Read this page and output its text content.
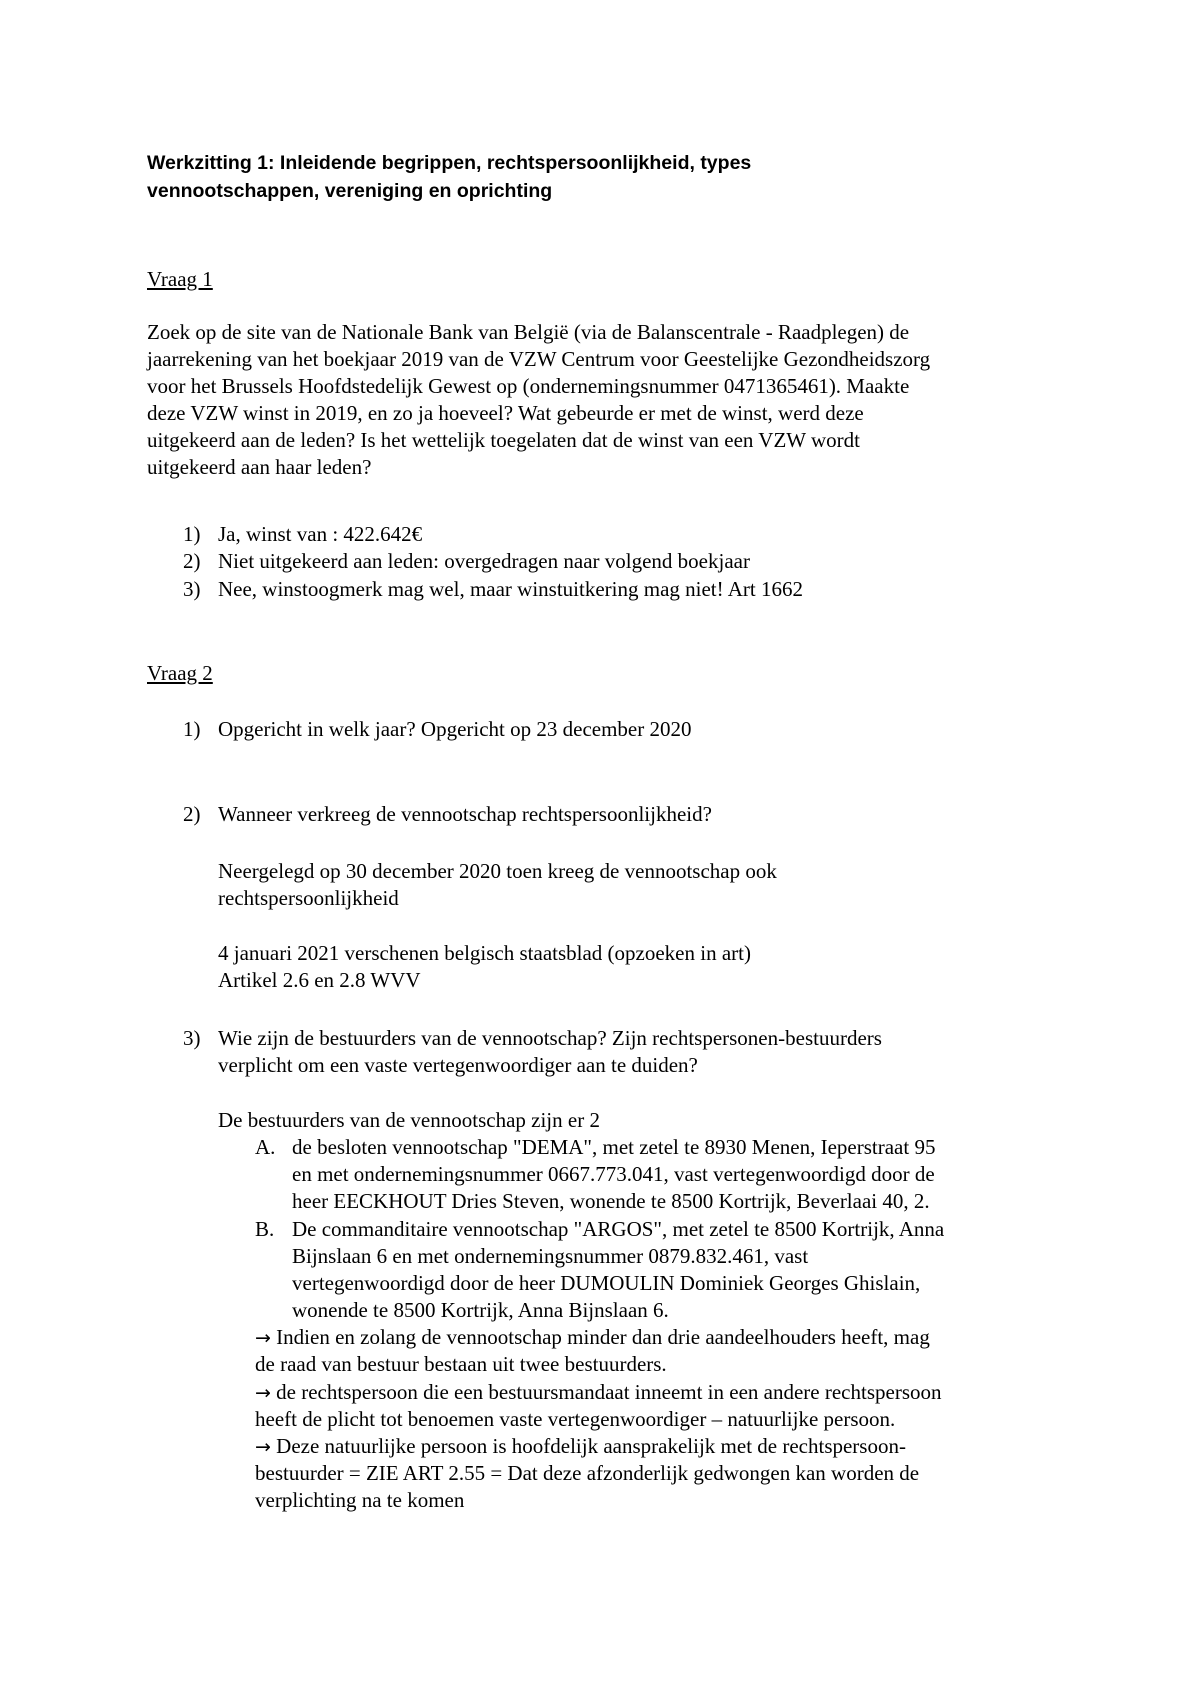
Werkzitting 1: Inleidende begrippen, rechtspersoonlijkheid, types
vennootschappen, vereniging en oprichting
Vraag 1
Zoek op de site van de Nationale Bank van België (via de Balanscentrale - Raadplegen) de
jaarrekening van het boekjaar 2019 van de VZW Centrum voor Geestelijke Gezondheidszorg
voor het Brussels Hoofdstedelijk Gewest op (ondernemingsnummer 0471365461). Maakte
deze VZW winst in 2019, en zo ja hoeveel? Wat gebeurde er met de winst, werd deze
uitgekeerd aan de leden? Is het wettelijk toegelaten dat de winst van een VZW wordt
uitgekeerd aan haar leden?
1) Ja, winst van : 422.642€
2) Niet uitgekeerd aan leden: overgedragen naar volgend boekjaar
3) Nee, winstoogmerk mag wel, maar winstuitkering mag niet! Art 1662
Vraag 2
1) Opgericht in welk jaar? Opgericht op 23 december 2020
2) Wanneer verkreeg de vennootschap rechtspersoonlijkheid?
Neergelegd op 30 december 2020 toen kreeg de vennootschap ook
rechtspersoonlijkheid
4 januari 2021 verschenen belgisch staatsblad (opzoeken in art)
Artikel 2.6 en 2.8 WVV
3) Wie zijn de bestuurders van de vennootschap? Zijn rechtspersonen-bestuurders
verplicht om een vaste vertegenwoordiger aan te duiden?
De bestuurders van de vennootschap zijn er 2
A. de besloten vennootschap "DEMA", met zetel te 8930 Menen, Ieperstraat 95
en met ondernemingsnummer 0667.773.041, vast vertegenwoordigd door de
heer EECKHOUT Dries Steven, wonende te 8500 Kortrijk, Beverlaai 40, 2.
B. De commanditaire vennootschap "ARGOS", met zetel te 8500 Kortrijk, Anna
Bijnslaan 6 en met ondernemingsnummer 0879.832.461, vast
vertegenwoordigd door de heer DUMOULIN Dominiek Georges Ghislain,
wonende te 8500 Kortrijk, Anna Bijnslaan 6.
→ Indien en zolang de vennootschap minder dan drie aandeelhouders heeft, mag
de raad van bestuur bestaan uit twee bestuurders.
→ de rechtspersoon die een bestuursmandaat inneemt in een andere rechtspersoon
heeft de plicht tot benoemen vaste vertegenwoordiger – natuurlijke persoon.
→ Deze natuurlijke persoon is hoofdelijk aansprakelijk met de rechtspersoon-
bestuurder = ZIE ART 2.55 = Dat deze afzonderlijk gedwongen kan worden de
verplichting na te komen
